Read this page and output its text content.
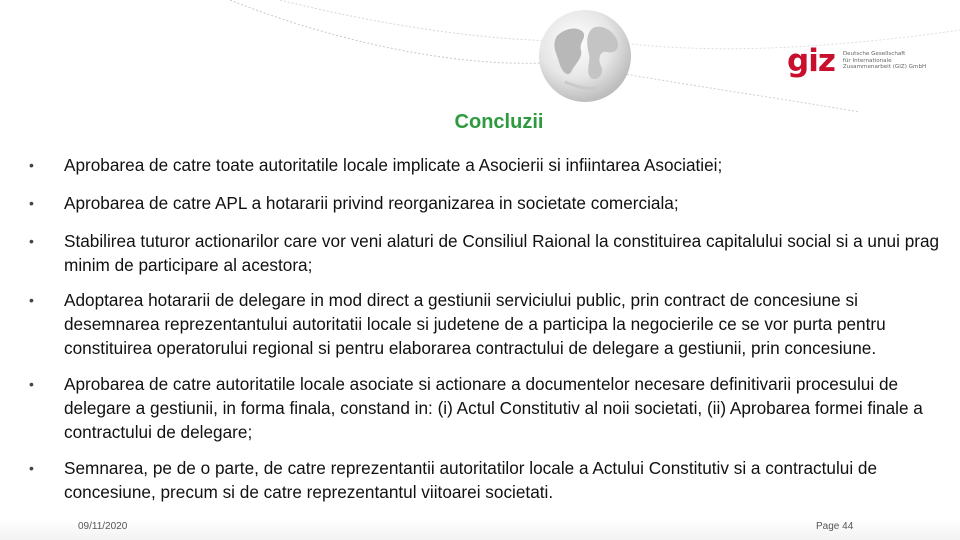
giz Deutsche Gesellschaft
für Internationale
Zusammenarbeit (GIZ) GmbH
Concluzii
• Aprobarea de catre toate autoritatile locale implicate a Asocierii si infiintarea Asociatiei;
• Aprobarea de catre APL a hotararii privind reorganizarea in societate comerciala;
• Stabilirea tuturor actionarilor care vor veni alaturi de Consiliul Raional la constituirea capitalului social si a unui prag minim de participare al acestora;
• Adoptarea hotararii de delegare in mod direct a gestiunii serviciului public, prin contract de concesiune si desemnarea reprezentantului autoritatii locale si judetene de a participa la negocierile ce se vor purta pentru constituirea operatorului regional si pentru elaborarea contractului de delegare a gestiunii, prin concesiune.
• Aprobarea de catre autoritatile locale asociate si actionare a documentelor necesare definitivarii procesului de delegare a gestiunii, in forma finala, constand in: (i) Actul Constitutiv al noii societati, (ii) Aprobarea formei finale a contractului de delegare;
• Semnarea, pe de o parte, de catre reprezentantii autoritatilor locale a Actului Constitutiv si a contractului de concesiune, precum si de catre reprezentantul viitoarei societati.
09/11/2020	Page 44
